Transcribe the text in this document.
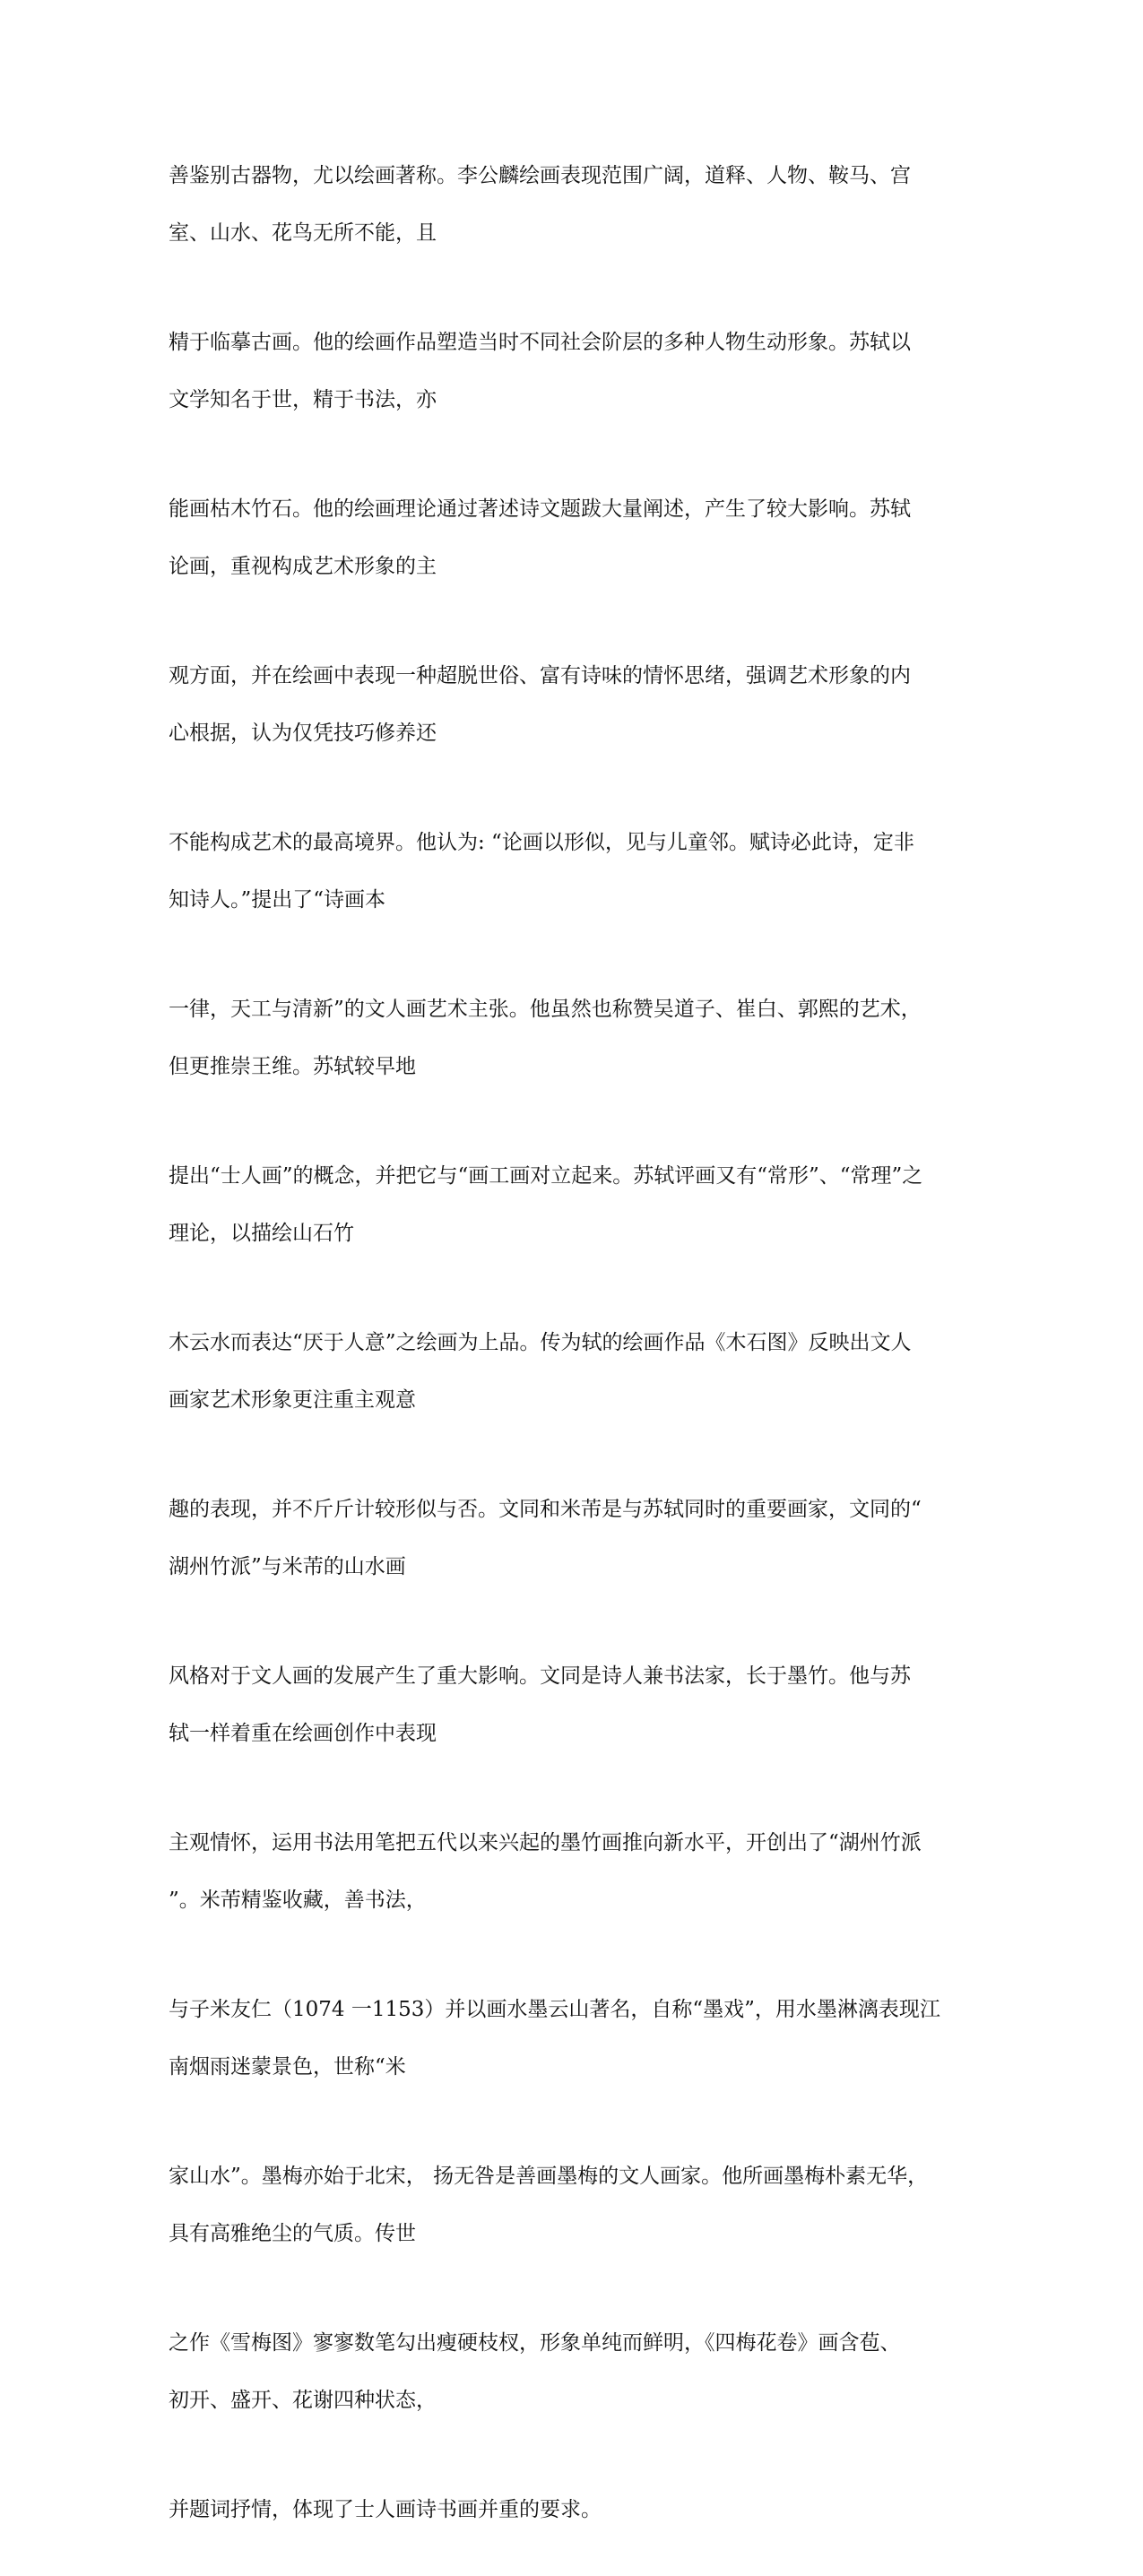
善鉴别古器物，尤以绘画著称。李公麟绘画表现范围广阔，道释、人物、鞍马、宫

室、山水、花鸟无所不能，且

精于临摹古画。他的绘画作品塑造当时不同社会阶层的多种人物生动形象。苏轼以

文学知名于世，精于书法，亦

能画枯木竹石。他的绘画理论通过著述诗文题跋大量阐述，产生了较大影响。苏轼

论画，重视构成艺术形象的主

观方面，并在绘画中表现一种超脱世俗、富有诗味的情怀思绪，强调艺术形象的内

心根据，认为仅凭技巧修养还

不能构成艺术的最高境界。他认为: “论画以形似，见与儿童邻。赋诗必此诗，定非

知诗人。”提出了“诗画本

一律，天工与清新”的文人画艺术主张。他虽然也称赞吴道子、崔白、郭熙的艺术，

但更推崇王维。苏轼较早地

提出“士人画”的概念，并把它与“画工画对立起来。苏轼评画又有“常形”、“常理”之

理论，以描绘山石竹

木云水而表达“厌于人意”之绘画为上品。传为轼的绘画作品《木石图》反映出文人

画家艺术形象更注重主观意

趣的表现，并不斤斤计较形似与否。文同和米芾是与苏轼同时的重要画家，文同的“

湖州竹派”与米芾的山水画

风格对于文人画的发展产生了重大影响。文同是诗人兼书法家，长于墨竹。他与苏

轼一样着重在绘画创作中表现

主观情怀，运用书法用笔把五代以来兴起的墨竹画推向新水平，开创出了“湖州竹派

”。米芾精鉴收藏，善书法，

与子米友仁（1074 一1153）并以画水墨云山著名，自称“墨戏”，用水墨淋漓表现江

南烟雨迷蒙景色，世称“米

家山水”。墨梅亦始于北宋， 扬无咎是善画墨梅的文人画家。他所画墨梅朴素无华，

具有高雅绝尘的气质。传世

之作《雪梅图》寥寥数笔勾出瘦硬枝杈，形象单纯而鲜明，《四梅花卷》画含苞、

初开、盛开、花谢四种状态，

并题词抒情，体现了士人画诗书画并重的要求。
